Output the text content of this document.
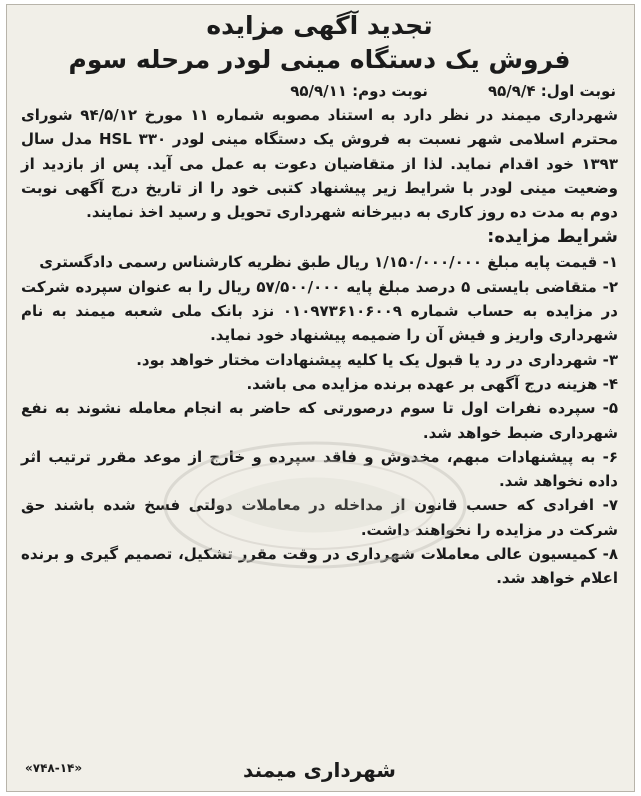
تجدید آگهی مزایده
فروش یک دستگاه مینی لودر مرحله سوم
نوبت اول: ۹۵/۹/۴
نوبت دوم: ۹۵/۹/۱۱

شهرداری میمند در نظر دارد به استناد مصوبه شماره ۱۱ مورخ ۹۴/۵/۱۲ شورای محترم اسلامی شهر نسبت به فروش یک دستگاه مینی لودر ۳۳۰ HSL مدل سال ۱۳۹۳ خود اقدام نماید. لذا از متقاضیان دعوت به عمل می آید. پس از بازدید از وضعیت مینی لودر با شرایط زیر پیشنهاد کتبی خود را از تاریخ درج آگهی نوبت دوم به مدت ده روز کاری به دبیرخانه شهرداری تحویل و رسید اخذ نمایند.

شرایط مزایده:
۱- قیمت پایه مبلغ ۱/۱۵۰/۰۰۰/۰۰۰ ریال طبق نظریه کارشناس رسمی دادگستری
۲- متقاضی بایستی ۵ درصد مبلغ پایه ۵۷/۵۰۰/۰۰۰ ریال را به عنوان سپرده شرکت در مزایده به حساب شماره ۰۱۰۹۷۳۶۱۰۶۰۰۹ نزد بانک ملی شعبه میمند به نام شهرداری واریز و فیش آن را ضمیمه پیشنهاد خود نماید.
۳- شهرداری در رد یا قبول یک یا کلیه پیشنهادات مختار خواهد بود.
۴- هزینه درج آگهی بر عهده برنده مزایده می باشد.
۵- سپرده نفرات اول تا سوم درصورتی که حاضر به انجام معامله نشوند به نفع شهرداری ضبط خواهد شد.
۶- به پیشنهادات مبهم، مخدوش و فاقد سپرده و خارج از موعد مقرر ترتیب اثر داده نخواهد شد.
۷- افرادی که حسب قانون از مداخله در معاملات دولتی فسخ شده باشند حق شرکت در مزایده را نخواهند داشت.
۸- کمیسیون عالی معاملات شهرداری در وقت مقرر تشکیل، تصمیم گیری و برنده اعلام خواهد شد.
شهرداری میمند
«۷۴۸-۱۴»
